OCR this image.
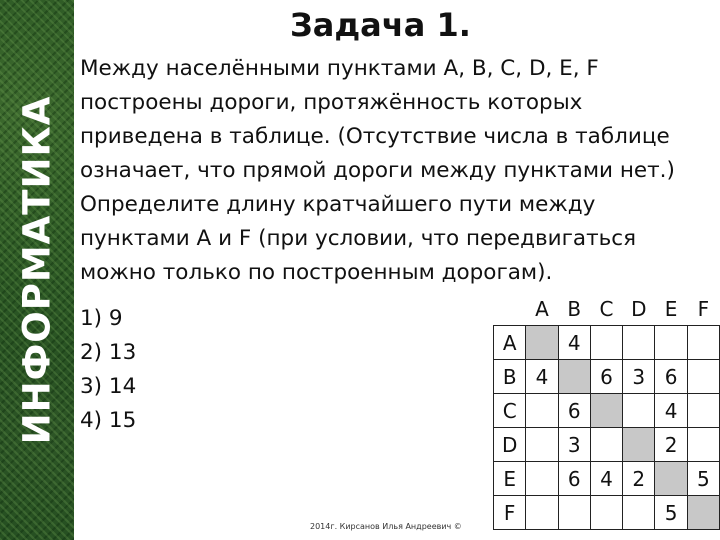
ИНФОРМАТИКА
Задача 1.

Между населёнными пунктами A, B, C, D, E, F построены дороги, протяжённость которых приведена в таблице. (Отсутствие числа в таблице означает, что прямой дороги между пунктами нет.)

Определите длину кратчайшего пути между пунктами A и F (при условии, что передвигаться можно только по построенным дорогам).

1) 9
2) 13
3) 14
4) 15
	A	B	C	D	E	F
A		4				
B	4		6	3	6	
C		6			4	
D		3			2	
E		6	4	2		5
F					5	
2014г. Кирсанов Илья Андреевич ©
